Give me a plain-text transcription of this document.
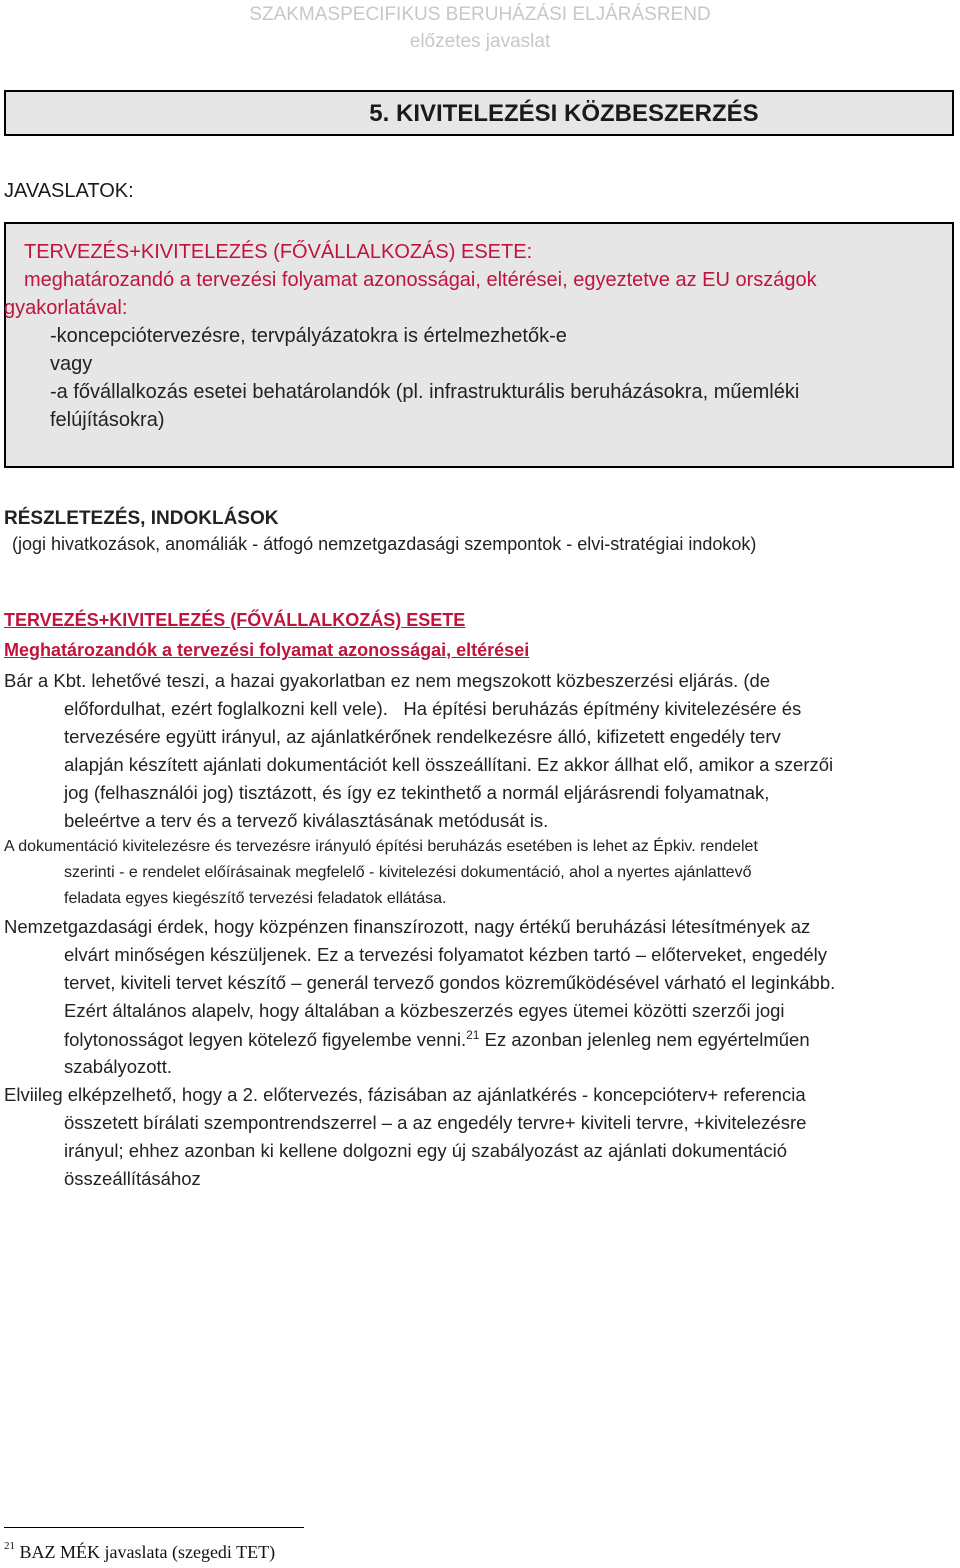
SZAKMASPECIFIKUS BERUHÁZÁSI ELJÁRÁSREND
előzetes javaslat
5. KIVITELEZÉSI KÖZBESZERZÉS
JAVASLATOK:
TERVEZÉS+KIVITELEZÉS (FŐVÁLLALKOZÁS) ESETE:
meghatározandó a tervezési folyamat azonosságai, eltérései, egyeztetve az EU országok
gyakorlatával:
-koncepciótervezésre, tervpályázatokra is értelmezhetők-e
vagy
-a fővállalkozás esetei behatárolandók (pl. infrastrukturális beruházásokra, műemléki
felújításokra)
RÉSZLETEZÉS, INDOKLÁSOK
(jogi hivatkozások, anomáliák - átfogó nemzetgazdasági szempontok - elvi-stratégiai indokok)
TERVEZÉS+KIVITELEZÉS (FŐVÁLLALKOZÁS) ESETE
Meghatározandók a tervezési folyamat azonosságai, eltérései
Bár a Kbt. lehetővé teszi, a hazai gyakorlatban ez nem megszokott közbeszerzési eljárás. (de
előfordulhat, ezért foglalkozni kell vele). Ha építési beruházás építmény kivitelezésére és
tervezésére együtt irányul, az ajánlatkérőnek rendelkezésre álló, kifizetett engedély terv
alapján készített ajánlati dokumentációt kell összeállítani. Ez akkor állhat elő, amikor a szerzői
jog (felhasználói jog) tisztázott, és így ez tekinthető a normál eljárásrendi folyamatnak,
beleértve a terv és a tervező kiválasztásának metódusát is.
A dokumentáció kivitelezésre és tervezésre irányuló építési beruházás esetében is lehet az Épkiv. rendelet
szerinti - e rendelet előírásainak megfelelő - kivitelezési dokumentáció, ahol a nyertes ajánlattevő
feladata egyes kiegészítő tervezési feladatok ellátása.
Nemzetgazdasági érdek, hogy közpénzen finanszírozott, nagy értékű beruházási létesítmények az
elvárt minőségen készüljenek. Ez a tervezési folyamatot kézben tartó – előterveket, engedély
tervet, kiviteli tervet készítő – generál tervező gondos közreműködésével várható el leginkább.
Ezért általános alapelv, hogy általában a közbeszerzés egyes ütemei közötti szerzői jogi
folytonosságot legyen kötelező figyelembe venni.$^{21}$ Ez azonban jelenleg nem egyértelműen
szabályozott.
Elviileg elképzelhető, hogy a 2. előtervezés, fázisában az ajánlatkérés - koncepcióterv+ referencia
összetett bírálati szempontrendszerrel – a az engedély tervre+ kiviteli tervre, +kivitelezésre
irányul; ehhez azonban ki kellene dolgozni egy új szabályozást az ajánlati dokumentáció
összeállításához
$^{21}$ BAZ MÉK javaslata (szegedi TET)
